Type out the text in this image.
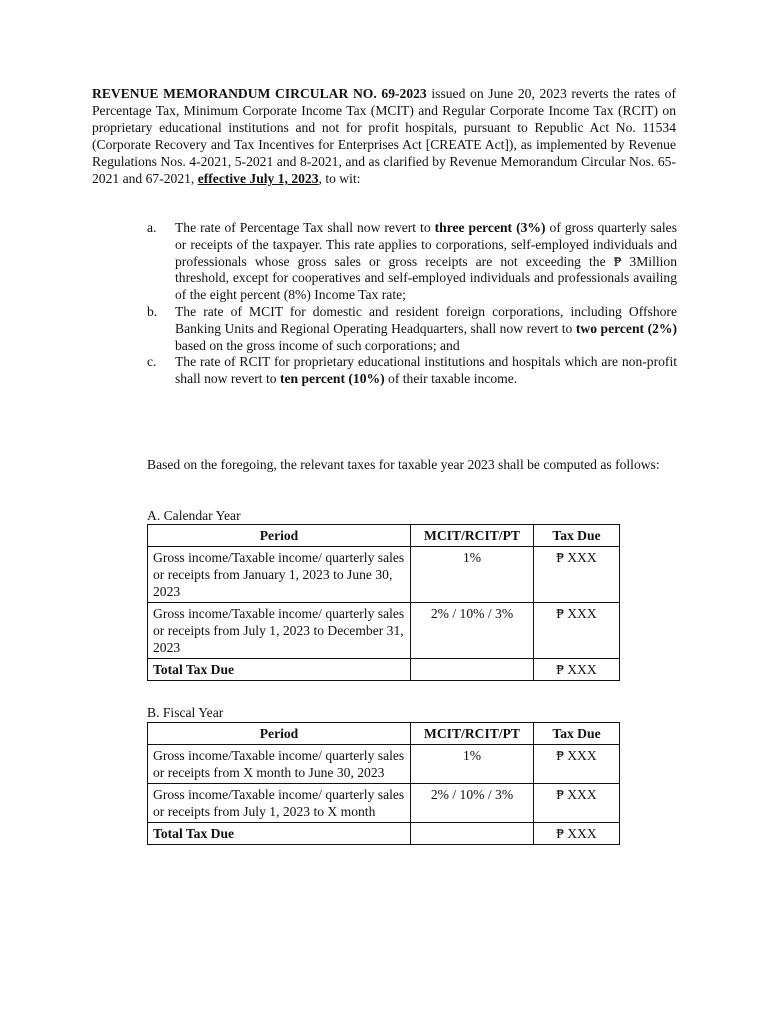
REVENUE MEMORANDUM CIRCULAR NO. 69-2023 issued on June 20, 2023 reverts the rates of Percentage Tax, Minimum Corporate Income Tax (MCIT) and Regular Corporate Income Tax (RCIT) on proprietary educational institutions and not for profit hospitals, pursuant to Republic Act No. 11534 (Corporate Recovery and Tax Incentives for Enterprises Act [CREATE Act]), as implemented by Revenue Regulations Nos. 4-2021, 5-2021 and 8-2021, and as clarified by Revenue Memorandum Circular Nos. 65-2021 and 67-2021, effective July 1, 2023, to wit:

a. The rate of Percentage Tax shall now revert to three percent (3%) of gross quarterly sales or receipts of the taxpayer. This rate applies to corporations, self-employed individuals and professionals whose gross sales or gross receipts are not exceeding the ₱ 3Million threshold, except for cooperatives and self-employed individuals and professionals availing of the eight percent (8%) Income Tax rate;
b. The rate of MCIT for domestic and resident foreign corporations, including Offshore Banking Units and Regional Operating Headquarters, shall now revert to two percent (2%) based on the gross income of such corporations; and
c. The rate of RCIT for proprietary educational institutions and hospitals which are non-profit shall now revert to ten percent (10%) of their taxable income.

Based on the foregoing, the relevant taxes for taxable year 2023 shall be computed as follows:

A. Calendar Year
Period	MCIT/RCIT/PT	Tax Due
Gross income/Taxable income/ quarterly sales or receipts from January 1, 2023 to June 30, 2023	1%	₱ XXX
Gross income/Taxable income/ quarterly sales or receipts from July 1, 2023 to December 31, 2023	2% / 10% / 3%	₱ XXX
Total Tax Due		₱ XXX
B. Fiscal Year
Period	MCIT/RCIT/PT	Tax Due
Gross income/Taxable income/ quarterly sales or receipts from X month to June 30, 2023	1%	₱ XXX
Gross income/Taxable income/ quarterly sales or receipts from July 1, 2023 to X month	2% / 10% / 3%	₱ XXX
Total Tax Due		₱ XXX
